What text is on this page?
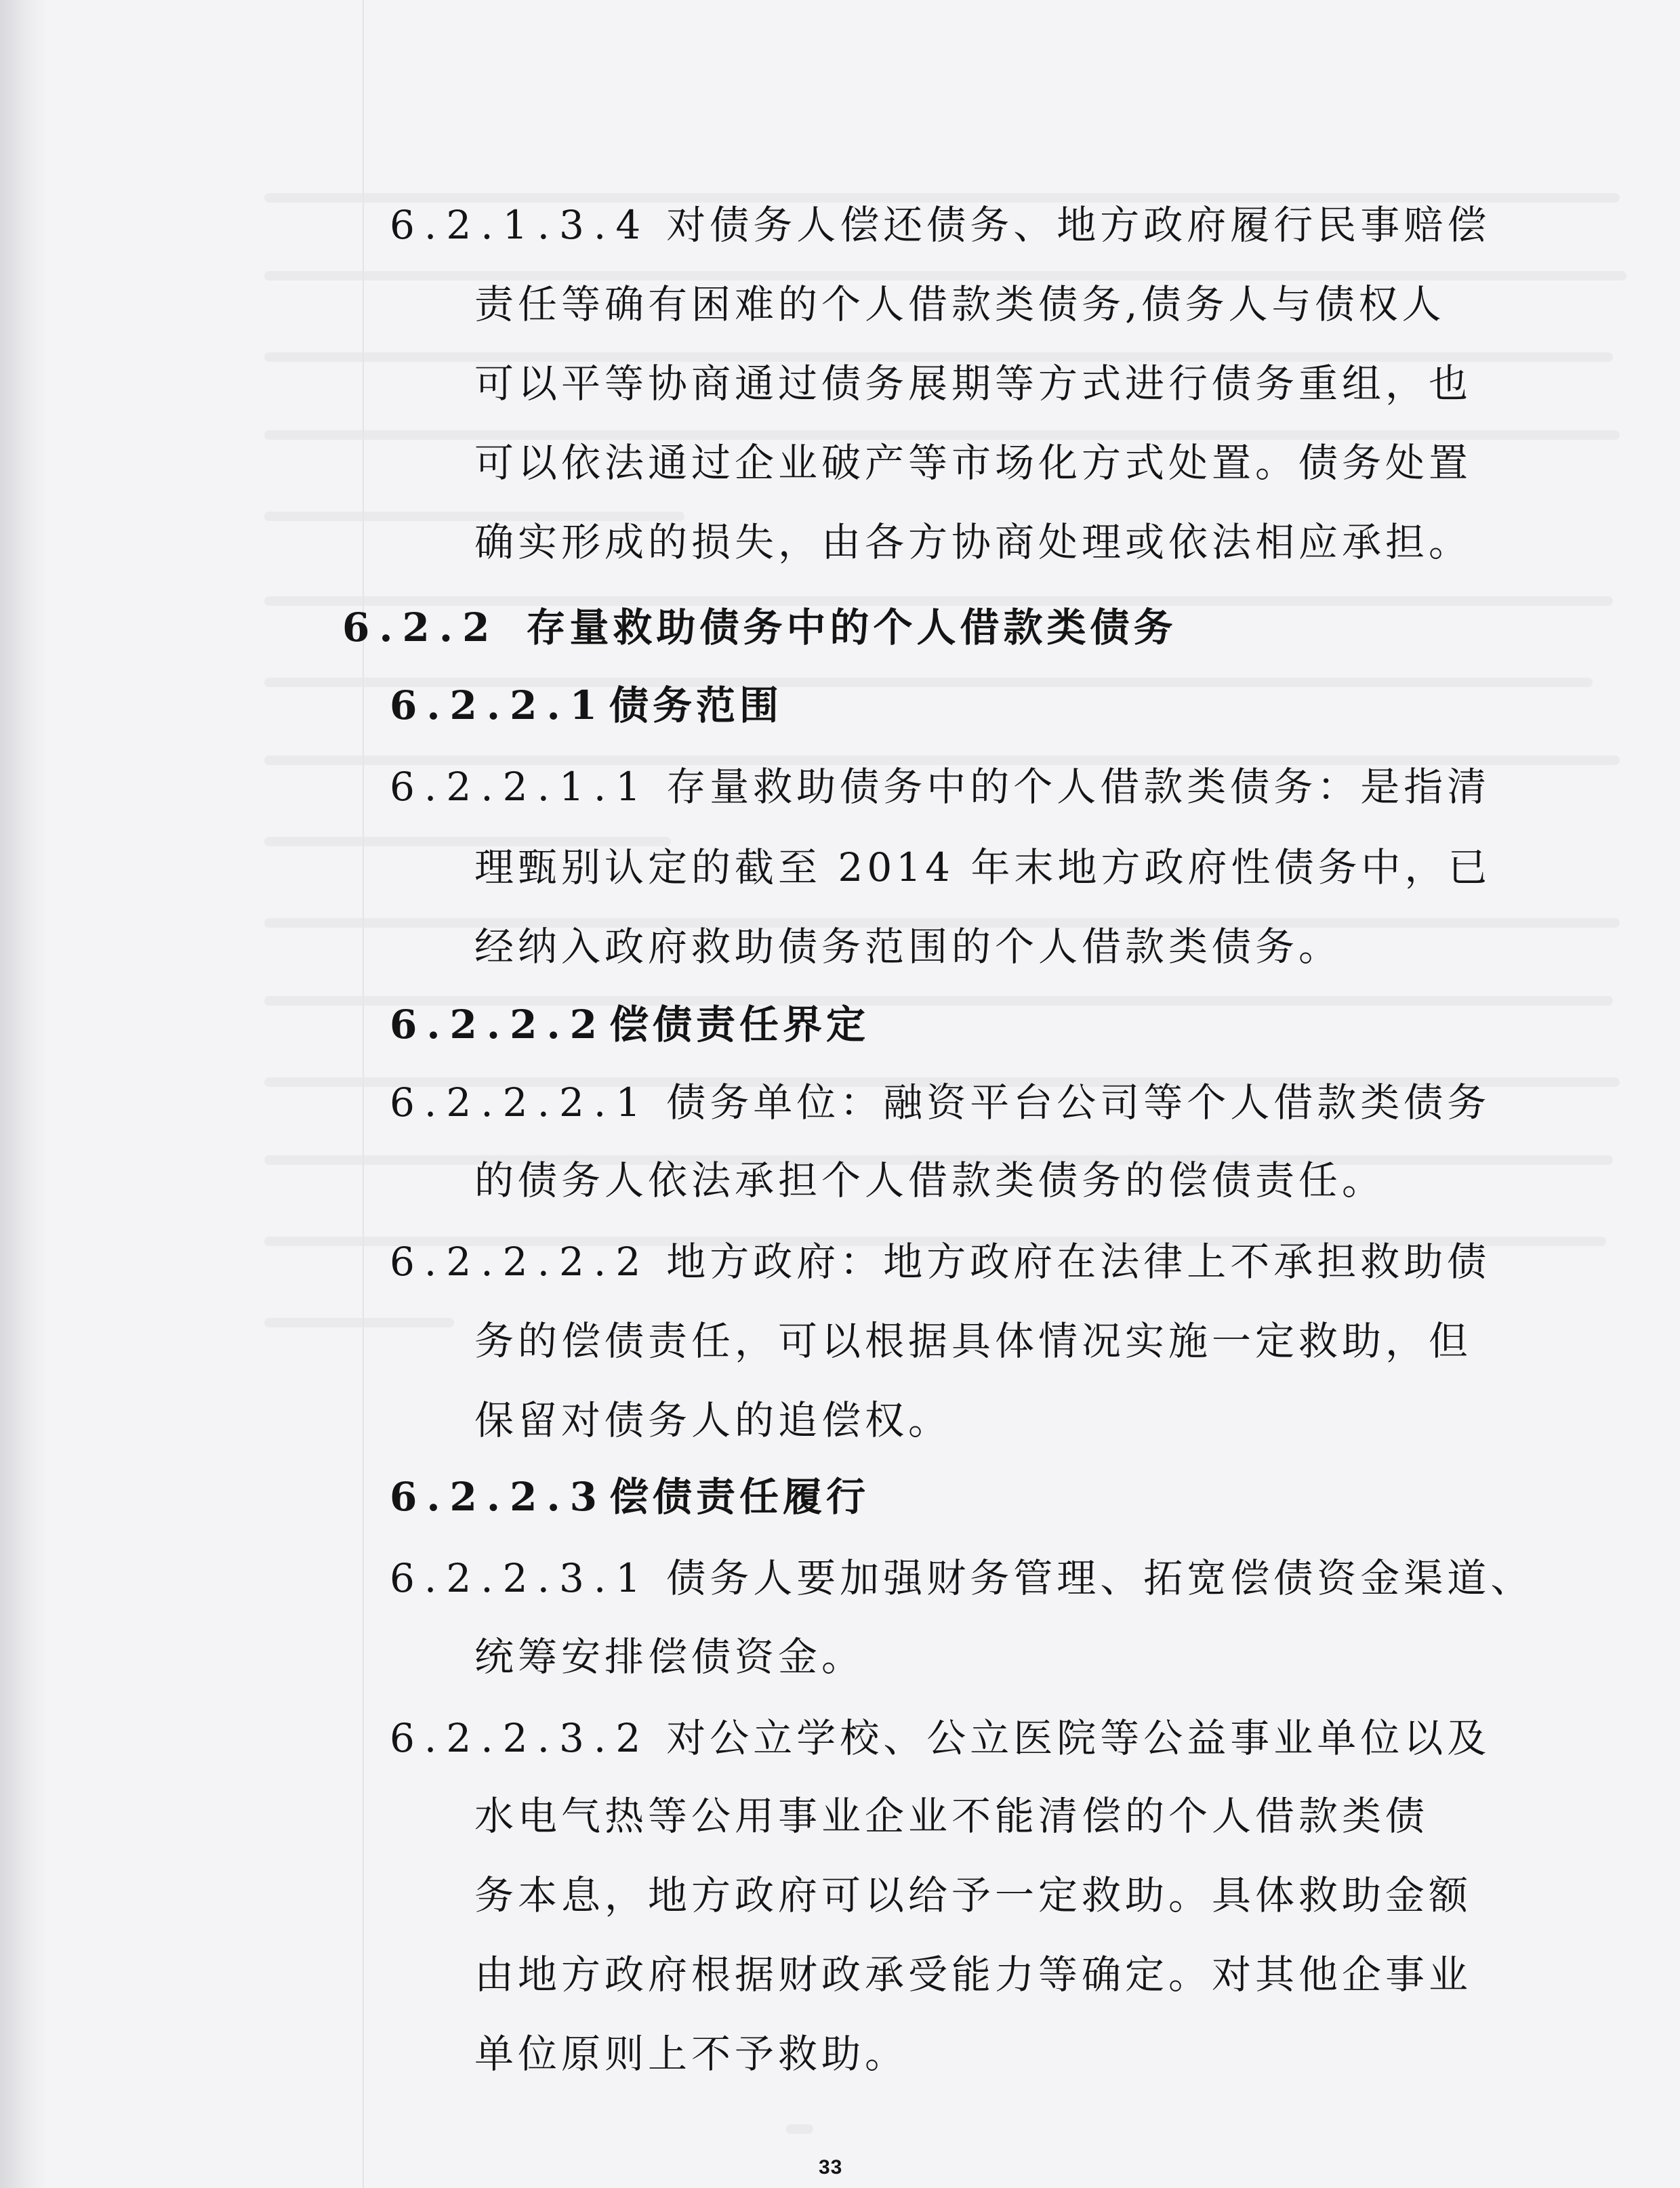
6.2.1.3.4 对债务人偿还债务、地方政府履行民事赔偿
责任等确有困难的个人借款类债务,债务人与债权人
可以平等协商通过债务展期等方式进行债务重组，也
可以依法通过企业破产等市场化方式处置。债务处置
确实形成的损失，由各方协商处理或依法相应承担。
6.2.2 存量救助债务中的个人借款类债务
6.2.2.1债务范围
6.2.2.1.1 存量救助债务中的个人借款类债务：是指清
理甄别认定的截至 2014 年末地方政府性债务中，已
经纳入政府救助债务范围的个人借款类债务。
6.2.2.2偿债责任界定
6.2.2.2.1 债务单位：融资平台公司等个人借款类债务
的债务人依法承担个人借款类债务的偿债责任。
6.2.2.2.2 地方政府：地方政府在法律上不承担救助债
务的偿债责任，可以根据具体情况实施一定救助，但
保留对债务人的追偿权。
6.2.2.3偿债责任履行
6.2.2.3.1 债务人要加强财务管理、拓宽偿债资金渠道、
统筹安排偿债资金。
6.2.2.3.2 对公立学校、公立医院等公益事业单位以及
水电气热等公用事业企业不能清偿的个人借款类债
务本息，地方政府可以给予一定救助。具体救助金额
由地方政府根据财政承受能力等确定。对其他企事业
单位原则上不予救助。
33
